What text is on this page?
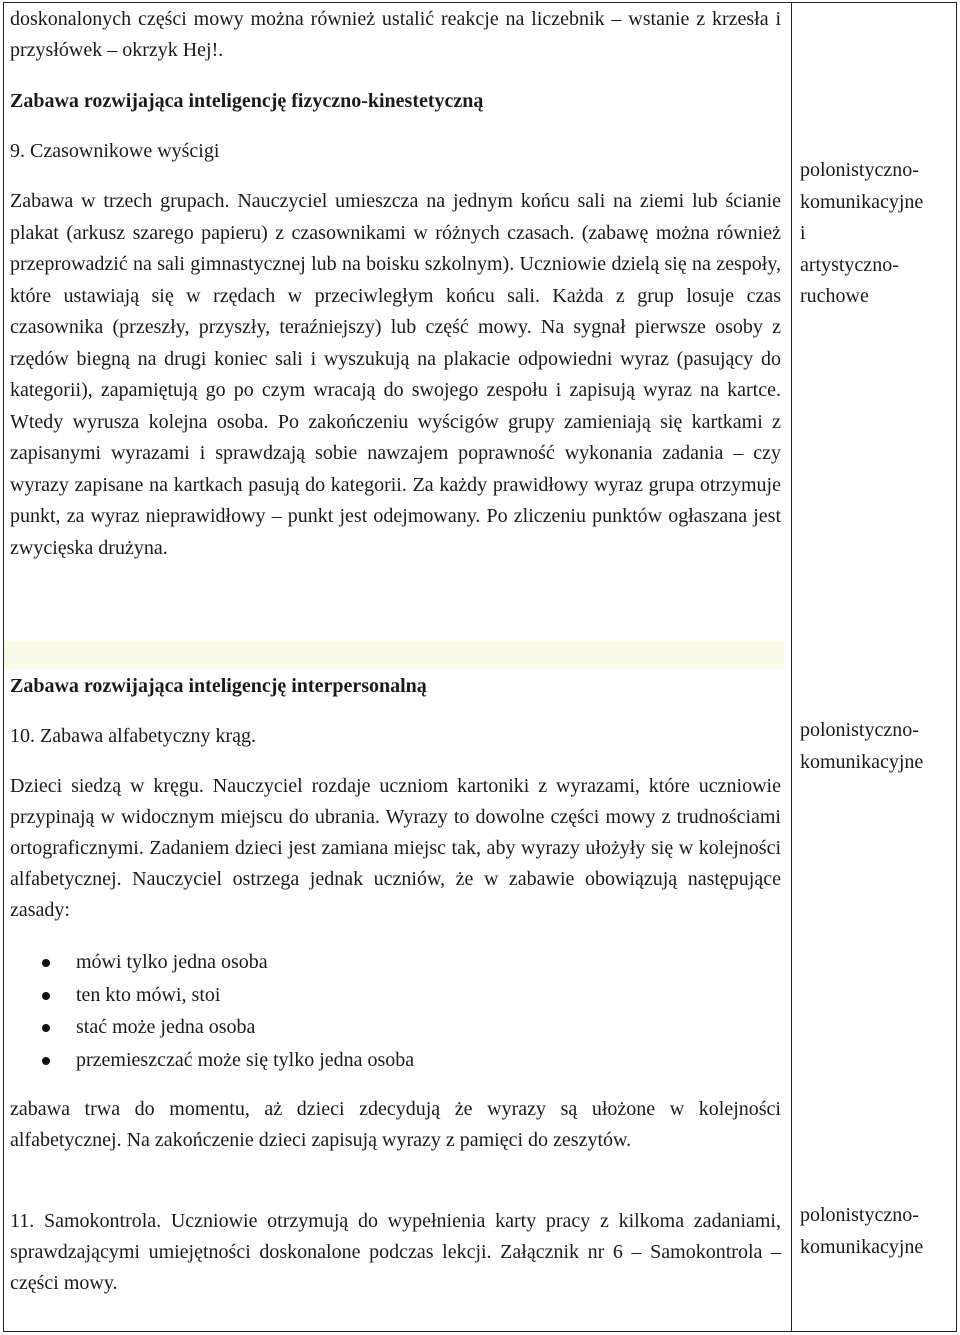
doskonalonych części mowy można również ustalić reakcje na liczebnik – wstanie z krzesła i przysłówek – okrzyk Hej!.

Zabawa rozwijająca inteligencję fizyczno-kinestetyczną
9. Czasownikowe wyścigi

Zabawa w trzech grupach. Nauczyciel umieszcza na jednym końcu sali na ziemi lub ścianie plakat (arkusz szarego papieru) z czasownikami w różnych czasach. (zabawę można również przeprowadzić na sali gimnastycznej lub na boisku szkolnym). Uczniowie dzielą się na zespoły, które ustawiają się w rzędach w przeciwległym końcu sali. Każda z grup losuje czas czasownika (przeszły, przyszły, teraźniejszy) lub część mowy. Na sygnał pierwsze osoby z rzędów biegną na drugi koniec sali i wyszukują na plakacie odpowiedni wyraz (pasujący do kategorii), zapamiętują go po czym wracają do swojego zespołu i zapisują wyraz na kartce. Wtedy wyrusza kolejna osoba. Po zakończeniu wyścigów grupy zamieniają się kartkami z zapisanymi wyrazami i sprawdzają sobie nawzajem poprawność wykonania zadania – czy wyrazy zapisane na kartkach pasują do kategorii. Za każdy prawidłowy wyraz grupa otrzymuje punkt, za wyraz nieprawidłowy – punkt jest odejmowany. Po zliczeniu punktów ogłaszana jest zwycięska drużyna.

polonistyczno-
komunikacyjne
i
artystyczno-
ruchowe
Zabawa rozwijająca inteligencję interpersonalną
10. Zabawa alfabetyczny krąg.

Dzieci siedzą w kręgu. Nauczyciel rozdaje uczniom kartoniki z wyrazami, które uczniowie przypinają w widocznym miejscu do ubrania. Wyrazy to dowolne części mowy z trudnościami ortograficznymi. Zadaniem dzieci jest zamiana miejsc tak, aby wyrazy ułożyły się w kolejności alfabetycznej. Nauczyciel ostrzega jednak uczniów, że w zabawie obowiązują następujące zasady:

mówi tylko jedna osoba
ten kto mówi, stoi
stać może jedna osoba
przemieszczać może się tylko jedna osoba

zabawa trwa do momentu, aż dzieci zdecydują że wyrazy są ułożone w kolejności alfabetycznej. Na zakończenie dzieci zapisują wyrazy z pamięci do zeszytów.

polonistyczno-
komunikacyjne

11. Samokontrola. Uczniowie otrzymują do wypełnienia karty pracy z kilkoma zadaniami, sprawdzającymi umiejętności doskonalone podczas lekcji. Załącznik nr 6 – Samokontrola – części mowy.

polonistyczno-
komunikacyjne
